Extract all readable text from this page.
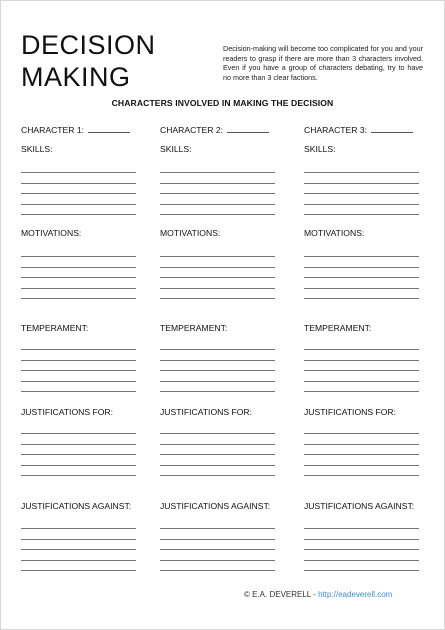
DECISION
MAKING
Decision-making will become too complicated for you and your readers to grasp if there are more than 3 characters involved. Even if you have a group of characters debating, try to have no more than 3 clear factions.
CHARACTERS INVOLVED IN MAKING THE DECISION
CHARACTER 1:
SKILLS:
MOTIVATIONS:
TEMPERAMENT:
JUSTIFICATIONS FOR:
JUSTIFICATIONS AGAINST:
CHARACTER 2:
SKILLS:
MOTIVATIONS:
TEMPERAMENT:
JUSTIFICATIONS FOR:
JUSTIFICATIONS AGAINST:
CHARACTER 3:
SKILLS:
MOTIVATIONS:
TEMPERAMENT:
JUSTIFICATIONS FOR:
JUSTIFICATIONS AGAINST:
© E.A. DEVERELL - http://eadeverell.com
